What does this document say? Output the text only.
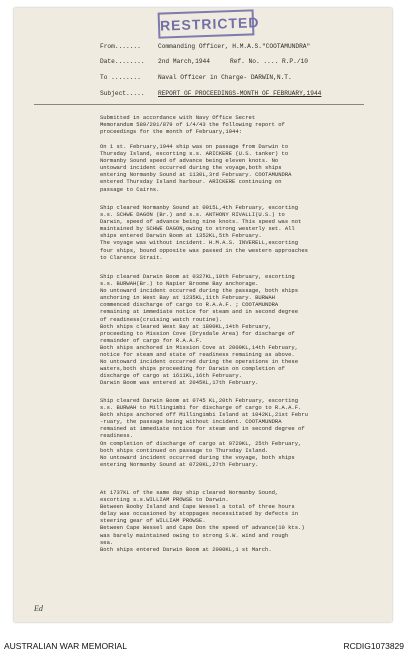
RESTRICTED
From.......	Commanding Officer, H.M.A.S."COOTAMUNDRA"
Date........ 2nd March,1944	Ref. No. .... R.P./10
To ........	Naval Officer in Charge- DARWIN,N.T.
Subject..... REPORT OF PROCEEDINGS-MONTH OF FEBRUARY,1944
Submitted in accordance with Navy Office Secret
Memorandum 589/201/879 of 1/4/43 the following report of
proceedings for the month of February,1944:
On 1 st. February,1944 ship was on passage from Darwin to
Thursday Island, escorting s.s. ARICKERE (U.S. tanker) to
Normanby Sound speed of advance being eleven knots. No
untoward incident occurred during the voyage,both ships
entering Normanby Sound at 1130L,3rd February. COOTAMUNDRA
entered Thursday Island harbour. ARICKERE continuing on
passage to Cairns.
Ship cleared Normanby Sound at 0915L,4th February, escorting
s.s. SCHWE DAGON (Br.) and s.s. ANTHONY RIVALLI(U.S.) to
Darwin, speed of advance being nine knots. This speed was not
maintained by SCHWE DAGON,owing to strong westerly set. All
ships entered Darwin Boom at 1352KL,5th February.
The voyage was without incident. H.M.A.S. INVERELL,escorting
four ships, bound opposite was passed in the western approaches
to Clarence Strait.
Ship cleared Darwin Boom at 0327KL,10th February, escorting
s.s. BURWAH(Br.) to Napier Broome Bay anchorage.
No untoward incident occurred during the passage, both ships
anchoring in West Bay at 1235KL,11th February. BURWAH
commenced discharge of cargo to R.A.A.F. ; COOTAMUNDRA
remaining at immediate notice for steam and in second degree
of readiness(cruising watch routine).
Both ships cleared West Bay at 1800KL,14th February,
proceeding to Mission Cove (Drysdale Area) for discharge of
remainder of cargo for R.A.A.F.
Both ships anchored in Mission Cove at 2000KL,14th February,
notice for steam and state of readiness remaining as above.
No untoward incident occurred during the operations in these
waters,both ships proceeding for Darwin on completion of
discharge of cargo at 1611KL,16th February.
Darwin Boom was entered at 2045KL,17th February.
Ship cleared Darwin Boom at 0745 KL,20th February, escorting
s.s. BURWAH to Millingimbi for discharge of cargo to R.A.A.F.
Both ships anchored off Millingimbi Island at 1042KL,21st Febru
-ruary, the passage being without incident. COOTAMUNDRA
remained at immediate notice for steam and in second degree of
readiness.
On completion of discharge of cargo at 0720KL, 25th February,
both ships continued on passage to Thursday Island.
No untoward incident occurred during the voyage, both ships
entering Normanby Sound at 0720KL,27th February.
At 1737KL of the same day ship cleared Normanby Sound,
escorting s.s.WILLIAM PROWSE to Darwin.
Between Booby Island and Cape Wessel a total of three hours
delay was occasioned by stoppages necessitated by defects in
steering gear of WILLIAM PROWSE.
Between Cape Wessel and Cape Don the speed of advance(10 kts.)
was barely maintained owing to strong S.W. wind and rough
sea.
Both ships entered Darwin Boom at 2000KL,1 st March.
Ed
AUSTRALIAN WAR MEMORIAL	RCDIG1073829
